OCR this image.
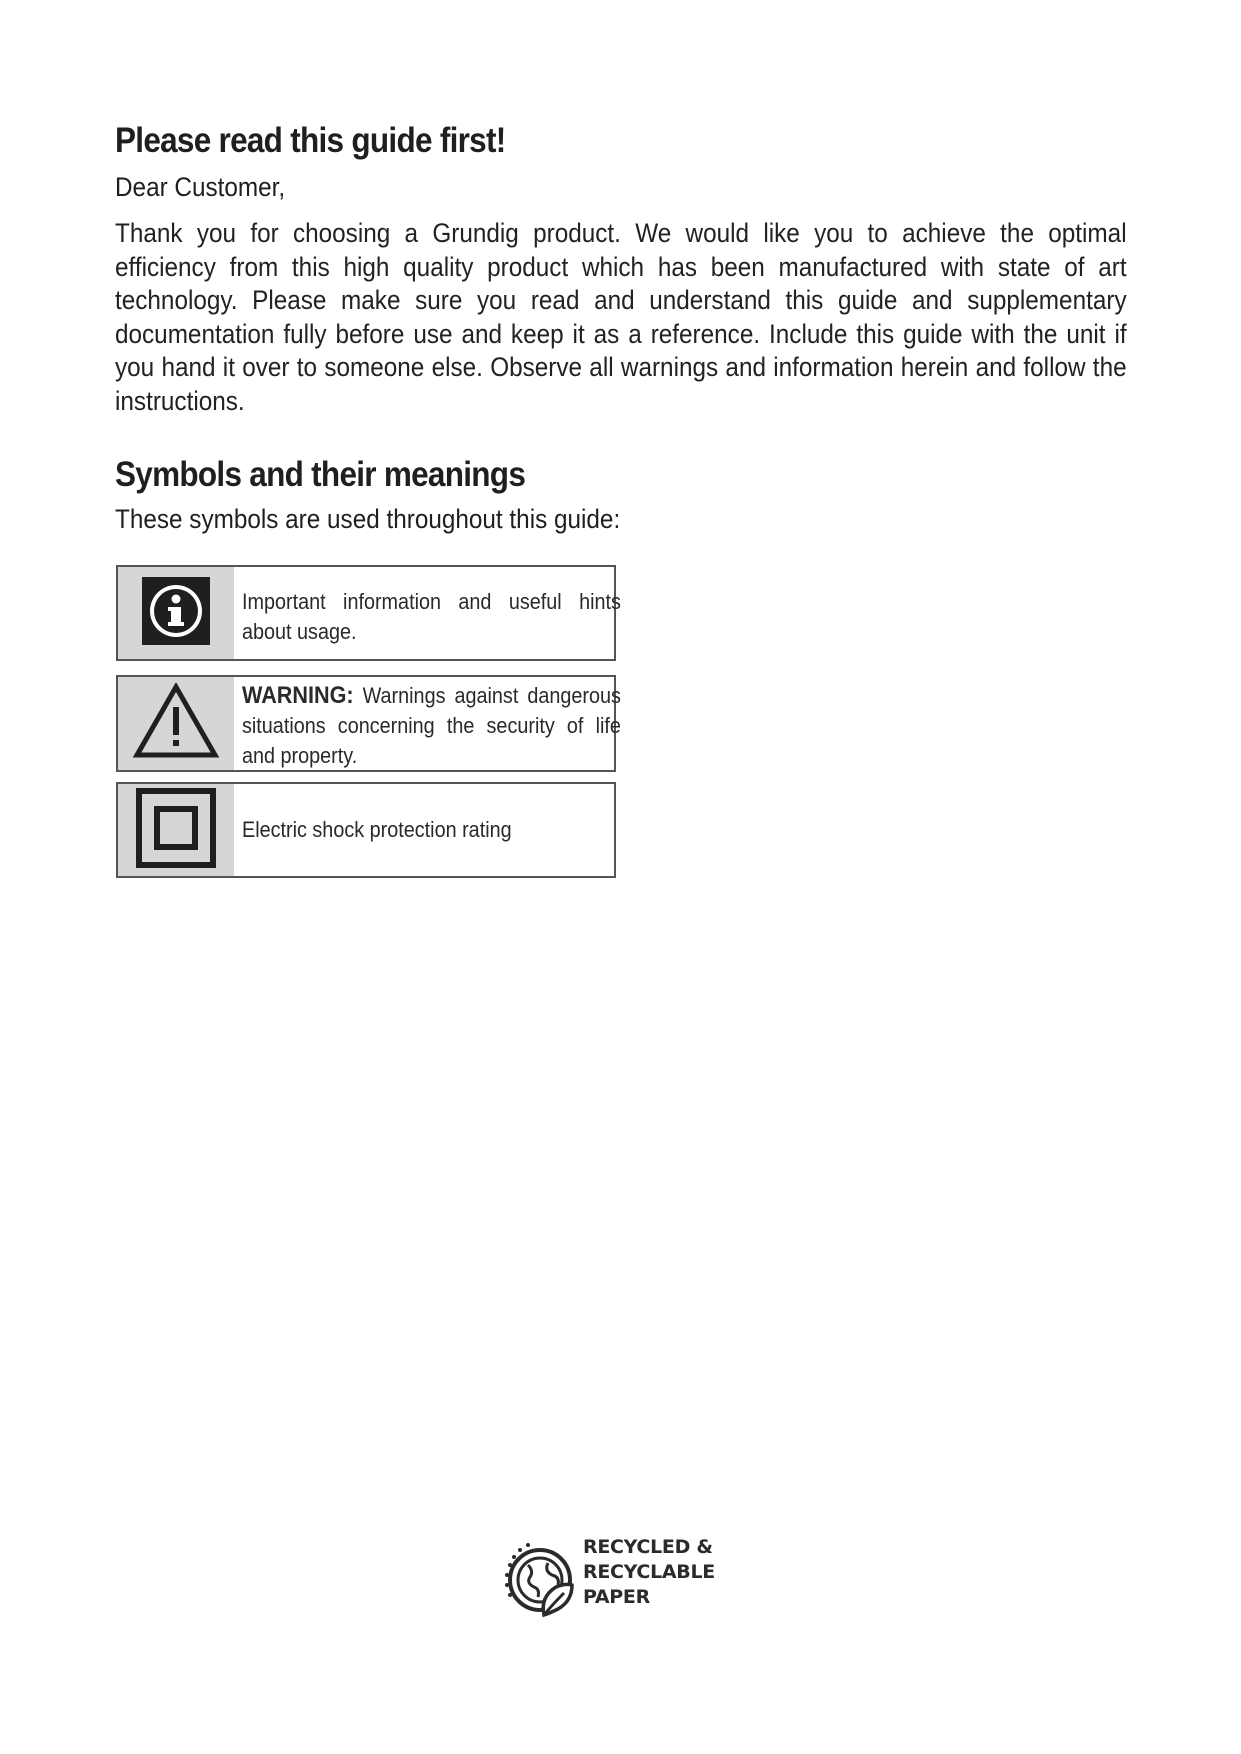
Please read this guide first!

Dear Customer,

Thank you for choosing a Grundig product. We would like you to achieve the optimal efficiency from this high quality product which has been manufactured with state of art technology. Please make sure you read and understand this guide and supplementary documentation fully before use and keep it as a reference. Include this guide with the unit if you hand it over to someone else. Observe all warnings and information herein and follow the instructions.

Symbols and their meanings

These symbols are used throughout this guide:

Important information and useful hints about usage.
WARNING: Warnings against dangerous situations concerning the security of life and property.
Electric shock protection rating
RECYCLED &
RECYCLABLE
PAPER
